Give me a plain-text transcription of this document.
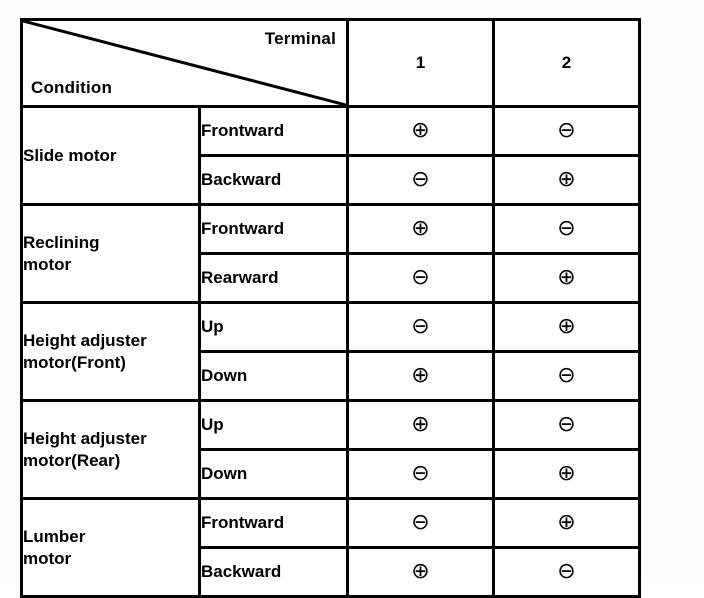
Terminal
Condition		1	2
Slide motor	Frontward	⊕	⊖
	Backward	⊖	⊕

Reclining
motor	Frontward	⊕	⊖
	Rearward	⊖	⊕

Height adjuster
motor(Front)	Up	⊖	⊕
	Down	⊕	⊖

Height adjuster
motor(Rear)	Up	⊕	⊖
	Down	⊖	⊕

Lumber
motor	Frontward	⊖	⊕
	Backward	⊕	⊖
